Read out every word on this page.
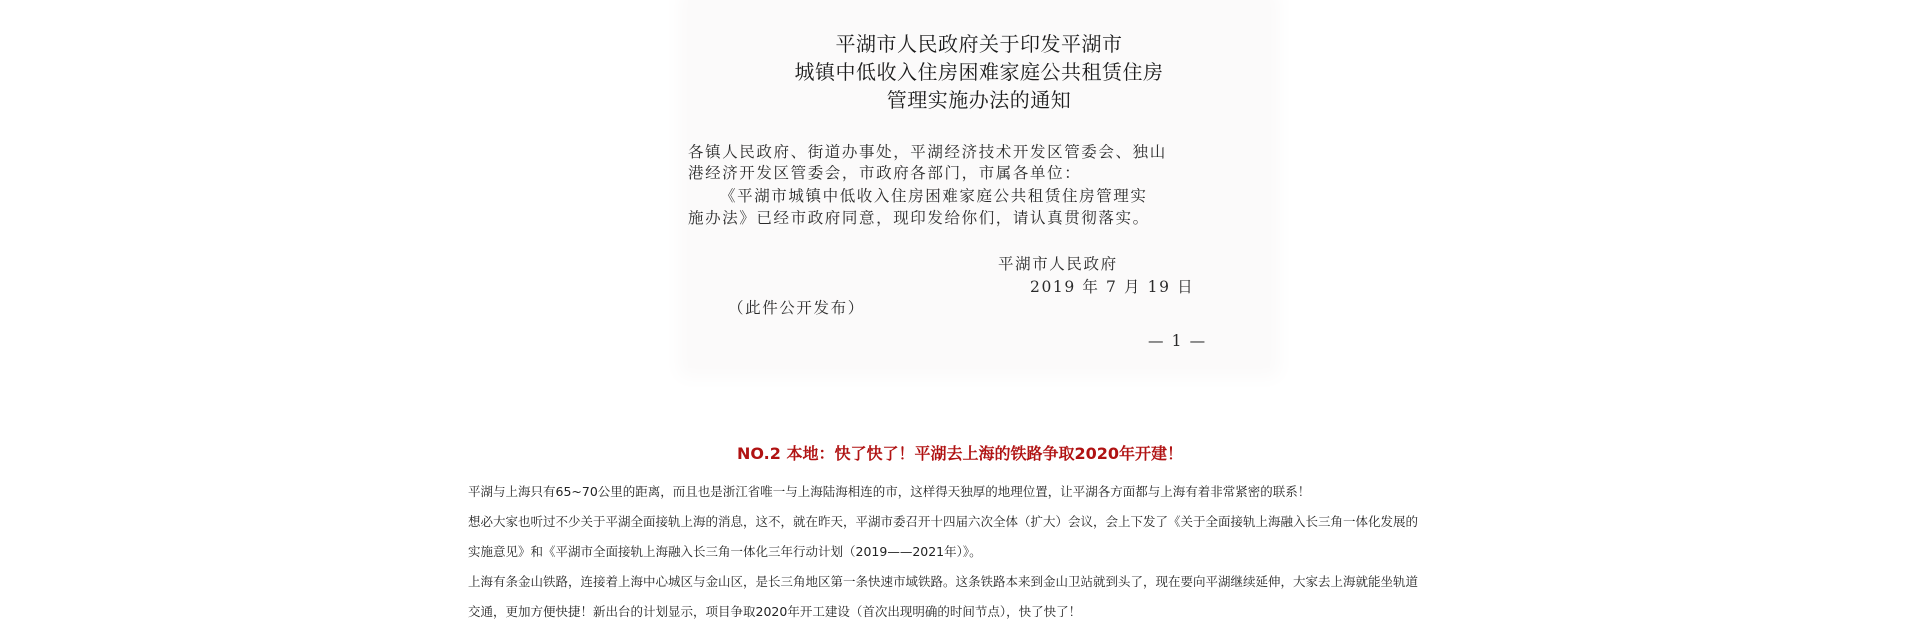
平湖市人民政府关于印发平湖市
城镇中低收入住房困难家庭公共租赁住房
管理实施办法的通知
各镇人民政府、街道办事处，平湖经济技术开发区管委会、独山
港经济开发区管委会，市政府各部门，市属各单位：
《平湖市城镇中低收入住房困难家庭公共租赁住房管理实
施办法》已经市政府同意，现印发给你们，请认真贯彻落实。
平湖市人民政府
2019 年 7 月 19 日
（此件公开发布）
— 1 —
NO.2 本地：快了快了！平湖去上海的铁路争取2020年开建！
平湖与上海只有65~70公里的距离，而且也是浙江省唯一与上海陆海相连的市，这样得天独厚的地理位置，让平湖各方面都与上海有着非常紧密的联系！
想必大家也听过不少关于平湖全面接轨上海的消息，这不，就在昨天，平湖市委召开十四届六次全体（扩大）会议，会上下发了《关于全面接轨上海融入长三角一体化发展的
实施意见》和《平湖市全面接轨上海融入长三角一体化三年行动计划（2019——2021年）》。
上海有条金山铁路，连接着上海中心城区与金山区，是长三角地区第一条快速市域铁路。这条铁路本来到金山卫站就到头了，现在要向平湖继续延伸，大家去上海就能坐轨道
交通，更加方便快捷！新出台的计划显示，项目争取2020年开工建设（首次出现明确的时间节点），快了快了！
